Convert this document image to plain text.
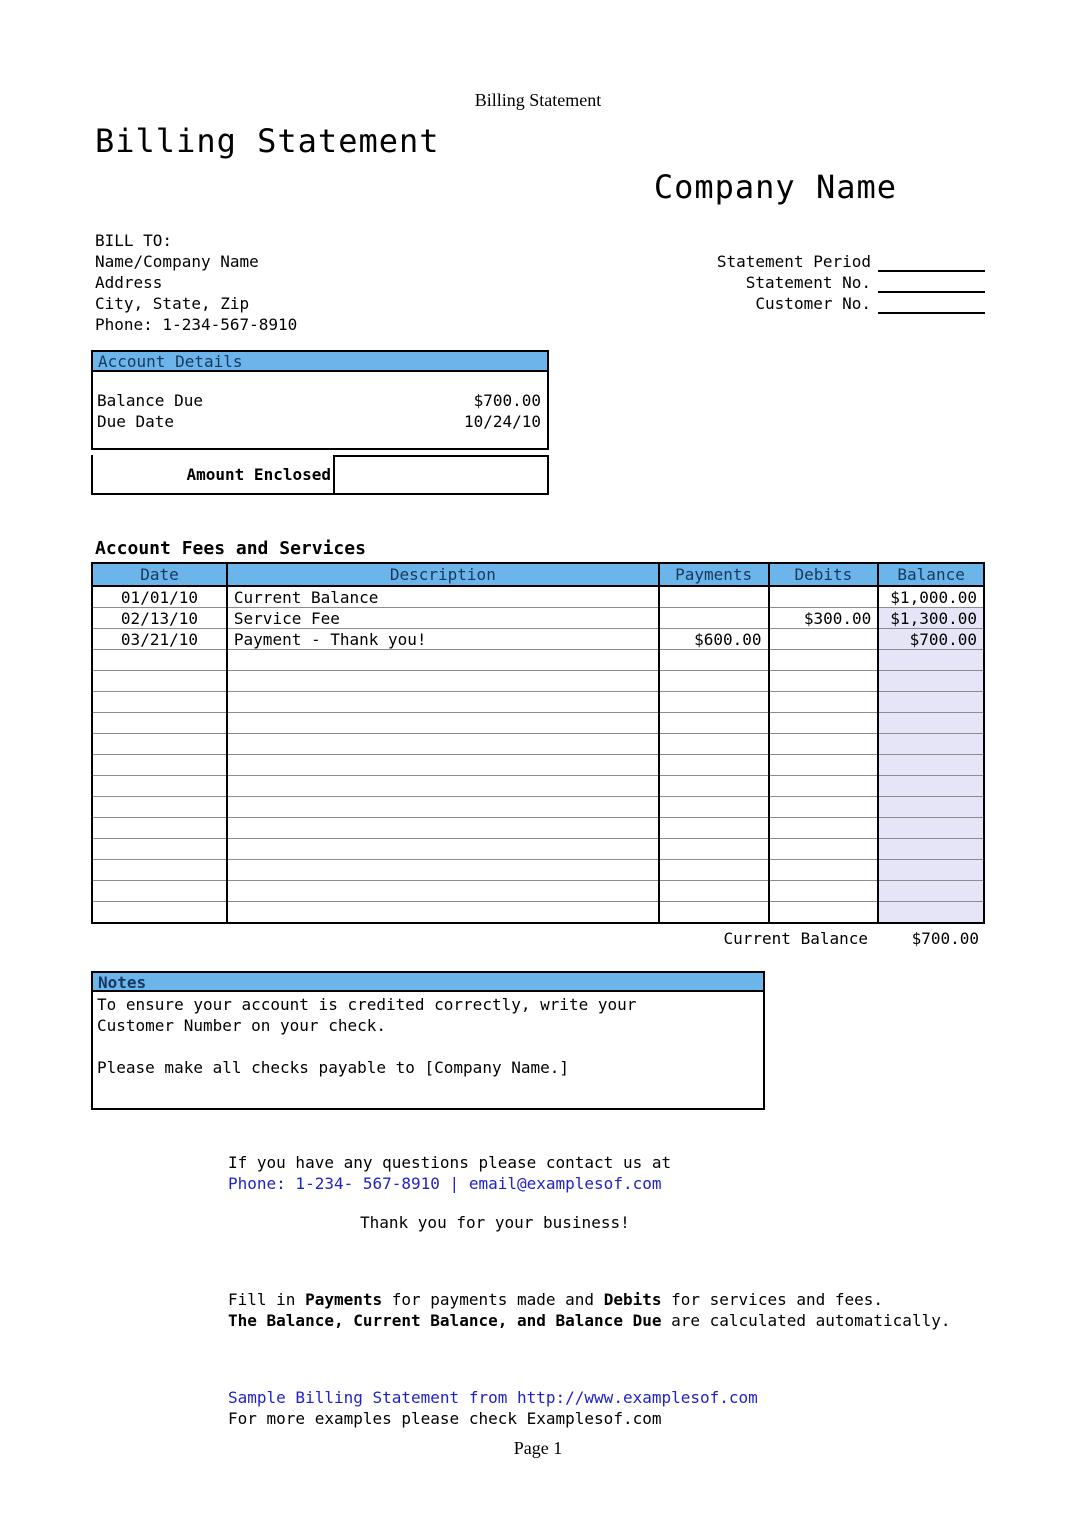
Billing Statement
Billing Statement
Company Name
BILL TO:
Name/Company Name
Address
City, State, Zip
Phone: 1-234-567-8910
Statement Period
Statement No.
Customer No.
Account Details
Balance Due	$700.00
Due Date	10/24/10
Amount Enclosed
Account Fees and Services
Date	Description	Payments	Debits	Balance
01/01/10	Current Balance			$1,000.00
02/13/10	Service Fee		$300.00	$1,300.00
03/21/10	Payment - Thank you!	$600.00		$700.00

Current Balance	$700.00
Notes
To ensure your account is credited correctly, write your
Customer Number on your check.
Please make all checks payable to [Company Name.]
If you have any questions please contact us at
Phone: 1-234- 567-8910 | email@examplesof.com
Thank you for your business!
Fill in Payments for payments made and Debits for services and fees.
The Balance, Current Balance, and Balance Due are calculated automatically.
Sample Billing Statement from http://www.examplesof.com
For more examples please check Examplesof.com
Page 1
